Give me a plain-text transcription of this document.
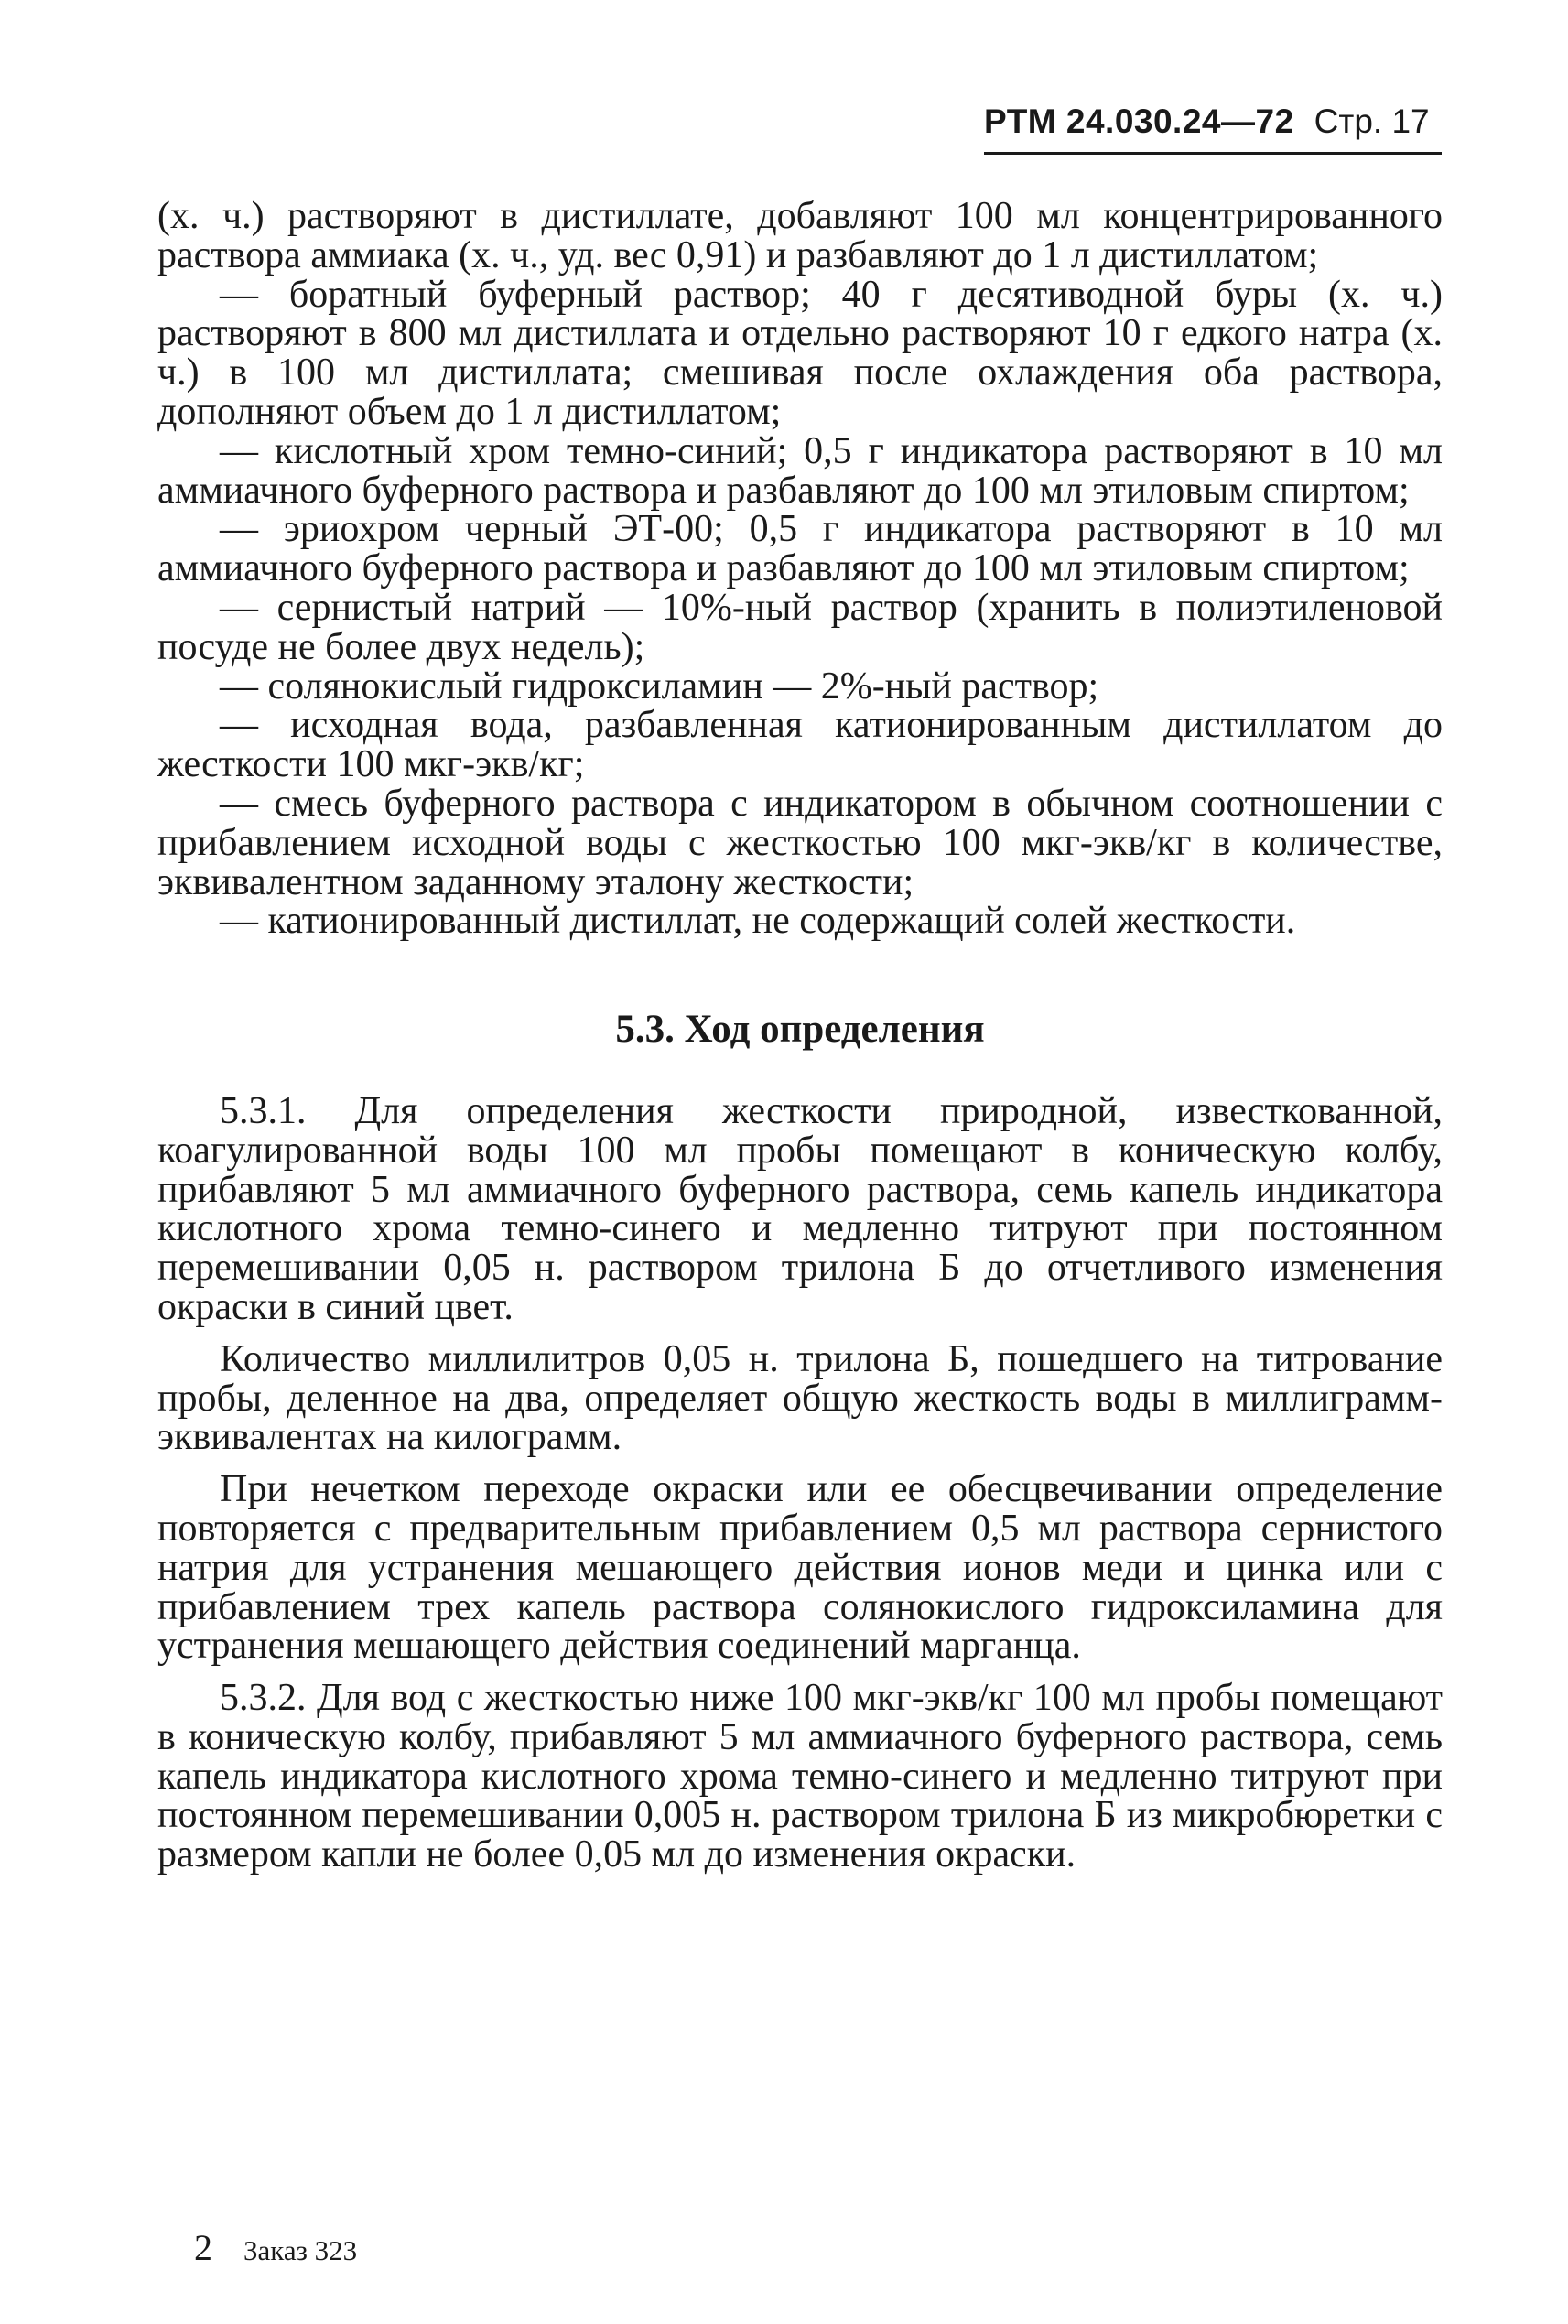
РТМ 24.030.24—72 Стр. 17

(х. ч.) растворяют в дистиллате, добавляют 100 мл концентрированного раствора аммиака (х. ч., уд. вес 0,91) и разбавляют до 1 л дистиллатом;

— боратный буферный раствор; 40 г десятиводной буры (х. ч.) растворяют в 800 мл дистиллата и отдельно растворяют 10 г едкого натра (х. ч.) в 100 мл дистиллата; смешивая после охлаждения оба раствора, дополняют объем до 1 л дистиллатом;

— кислотный хром темно-синий; 0,5 г индикатора растворяют в 10 мл аммиачного буферного раствора и разбавляют до 100 мл этиловым спиртом;

— эриохром черный ЭТ-00; 0,5 г индикатора растворяют в 10 мл аммиачного буферного раствора и разбавляют до 100 мл этиловым спиртом;

— сернистый натрий — 10%-ный раствор (хранить в полиэтиленовой посуде не более двух недель);

— солянокислый гидроксиламин — 2%-ный раствор;

— исходная вода, разбавленная катионированным дистиллатом до жесткости 100 мкг-экв/кг;

— смесь буферного раствора с индикатором в обычном соотношении с прибавлением исходной воды с жесткостью 100 мкг-экв/кг в количестве, эквивалентном заданному эталону жесткости;

— катионированный дистиллат, не содержащий солей жесткости.

5.3. Ход определения

5.3.1. Для определения жесткости природной, известкованной, коагулированной воды 100 мл пробы помещают в коническую колбу, прибавляют 5 мл аммиачного буферного раствора, семь капель индикатора кислотного хрома темно-синего и медленно титруют при постоянном перемешивании 0,05 н. раствором трилона Б до отчетливого изменения окраски в синий цвет.

Количество миллилитров 0,05 н. трилона Б, пошедшего на титрование пробы, деленное на два, определяет общую жесткость воды в миллиграмм-эквивалентах на килограмм.

При нечетком переходе окраски или ее обесцвечивании определение повторяется с предварительным прибавлением 0,5 мл раствора сернистого натрия для устранения мешающего действия ионов меди и цинка или с прибавлением трех капель раствора солянокислого гидроксиламина для устранения мешающего действия соединений марганца.

5.3.2. Для вод с жесткостью ниже 100 мкг-экв/кг 100 мл пробы помещают в коническую колбу, прибавляют 5 мл аммиачного буферного раствора, семь капель индикатора кислотного хрома темно-синего и медленно титруют при постоянном перемешивании 0,005 н. раствором трилона Б из микробюретки с размером капли не более 0,05 мл до изменения окраски.

2 Заказ 323
